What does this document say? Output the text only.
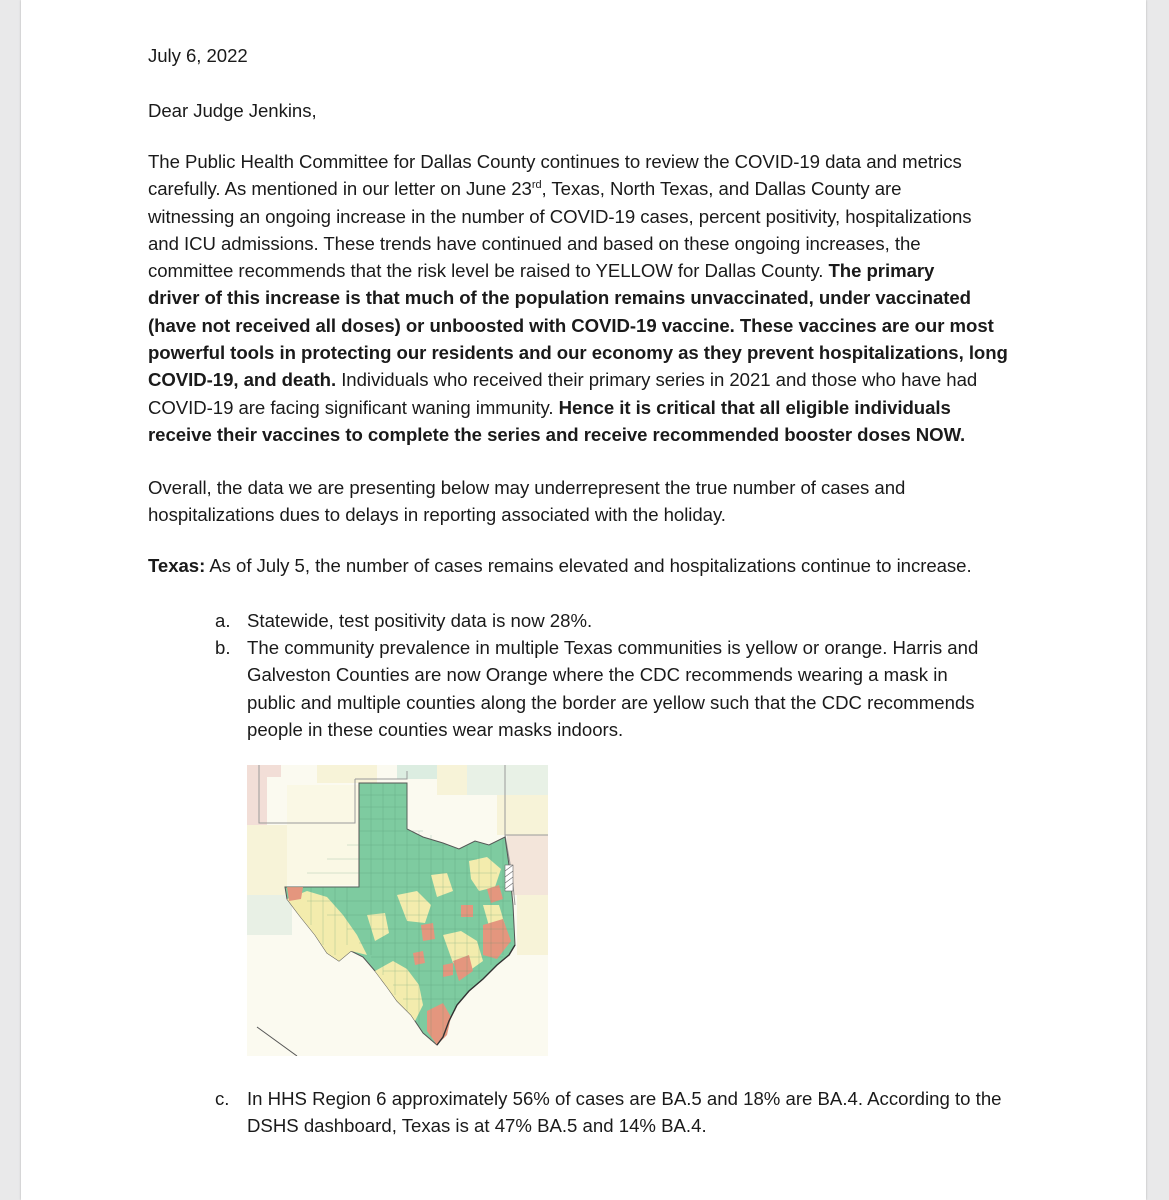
July 6, 2022
Dear Judge Jenkins,
The Public Health Committee for Dallas County continues to review the COVID-19 data and metrics
carefully. As mentioned in our letter on June 23rd, Texas, North Texas, and Dallas County are
witnessing an ongoing increase in the number of COVID-19 cases, percent positivity, hospitalizations
and ICU admissions. These trends have continued and based on these ongoing increases, the
committee recommends that the risk level be raised to YELLOW for Dallas County. The primary
driver of this increase is that much of the population remains unvaccinated, under vaccinated
(have not received all doses) or unboosted with COVID-19 vaccine. These vaccines are our most
powerful tools in protecting our residents and our economy as they prevent hospitalizations, long
COVID-19, and death. Individuals who received their primary series in 2021 and those who have had
COVID-19 are facing significant waning immunity. Hence it is critical that all eligible individuals
receive their vaccines to complete the series and receive recommended booster doses NOW.
Overall, the data we are presenting below may underrepresent the true number of cases and
hospitalizations dues to delays in reporting associated with the holiday.
Texas: As of July 5, the number of cases remains elevated and hospitalizations continue to increase.
a. Statewide, test positivity data is now 28%.
b. The community prevalence in multiple Texas communities is yellow or orange. Harris and
Galveston Counties are now Orange where the CDC recommends wearing a mask in
public and multiple counties along the border are yellow such that the CDC recommends
people in these counties wear masks indoors.
c. In HHS Region 6 approximately 56% of cases are BA.5 and 18% are BA.4. According to the
DSHS dashboard, Texas is at 47% BA.5 and 14% BA.4.
